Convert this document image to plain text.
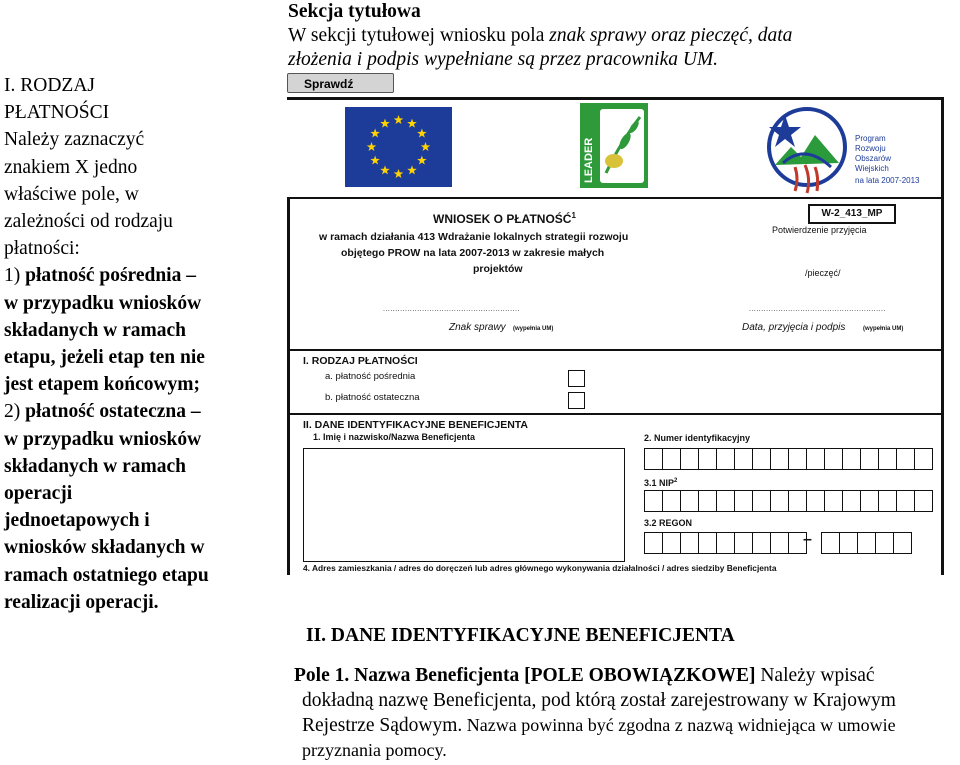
I. RODZAJ
PŁATNOŚCI
Należy zaznaczyć
znakiem X jedno
właściwe pole, w
zależności od rodzaju
płatności:
1) płatność pośrednia –
w przypadku wniosków
składanych w ramach
etapu, jeżeli etap ten nie
jest etapem końcowym;
2) płatność ostateczna –
w przypadku wniosków
składanych w ramach
operacji
jednoetapowych i
wniosków składanych w
ramach ostatniego etapu
realizacji operacji.
Sekcja tytułowa
W sekcji tytułowej wniosku pola znak sprawy oraz pieczęć, data
złożenia i podpis wypełniane są przez pracownika UM.
Sprawdź
LEADER	Program
Rozwoju
Obszarów
Wiejskich
na lata 2007-2013
WNIOSEK O PŁATNOŚĆ$^1$
w ramach działania 413 Wdrażanie lokalnych strategii rozwoju
objętego PROW na lata 2007-2013 w zakresie małych
projektów
W-2_413_MP
Potwierdzenie przyjęcia
/pieczęć/
........................................................
Znak sprawy (wypełnia UM)
........................................................
Data, przyjęcia i podpis	(wypełnia UM)
I. RODZAJ PŁATNOŚCI
a. płatność pośrednia
b. płatność ostateczna
II. DANE IDENTYFIKACYJNE BENEFICJENTA
1. Imię i nazwisko/Nazwa Beneficjenta	2. Numer identyfikacyjny
3.1 NIP$^2$
3.2 REGON
–
4. Adres zamieszkania / adres do doręczeń lub adres głównego wykonywania działalności / adres siedziby Beneficjenta
II. DANE IDENTYFIKACYJNE BENEFICJENTA
Pole 1. Nazwa Beneficjenta [POLE OBOWIĄZKOWE] Należy wpisać
dokładną nazwę Beneficjenta, pod którą został zarejestrowany w Krajowym
Rejestrze Sądowym. Nazwa powinna być zgodna z nazwą widniejąca w umowie
przyznania pomocy.
